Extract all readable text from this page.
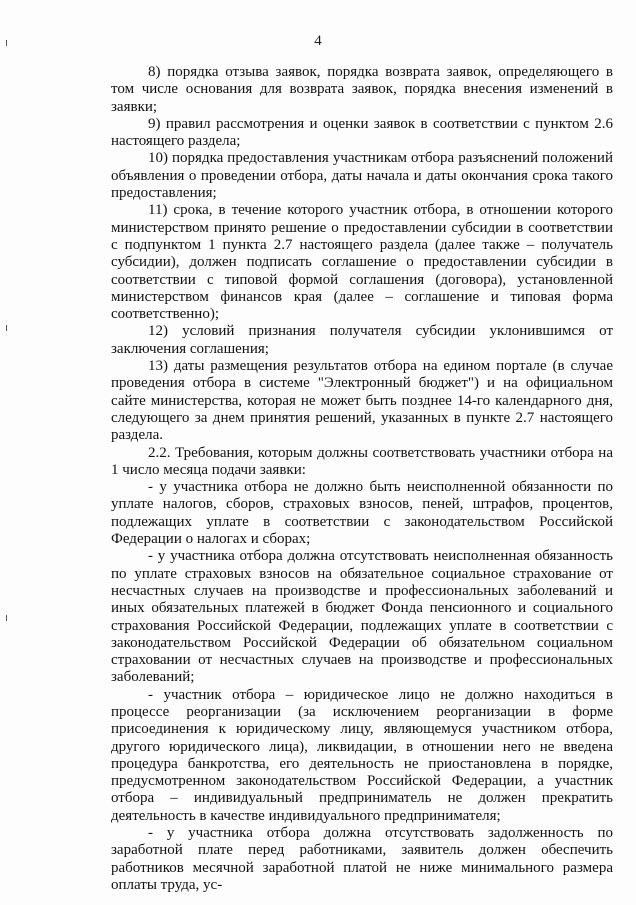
4

8) порядка отзыва заявок, порядка возврата заявок, определяющего в том числе основания для возврата заявок, порядка внесения изменений в заявки;

9) правил рассмотрения и оценки заявок в соответствии с пунктом 2.6 настоящего раздела;

10) порядка предоставления участникам отбора разъяснений положений объявления о проведении отбора, даты начала и даты окончания срока такого предоставления;

11) срока, в течение которого участник отбора, в отношении которого министерством принято решение о предоставлении субсидии в соответствии с подпунктом 1 пункта 2.7 настоящего раздела (далее также – получатель субсидии), должен подписать соглашение о предоставлении субсидии в соответствии с типовой формой соглашения (договора), установленной министерством финансов края (далее – соглашение и типовая форма соответственно);

12) условий признания получателя субсидии уклонившимся от заключения соглашения;

13) даты размещения результатов отбора на едином портале (в случае проведения отбора в системе "Электронный бюджет") и на официальном сайте министерства, которая не может быть позднее 14-го календарного дня, следующего за днем принятия решений, указанных в пункте 2.7 настоящего раздела.

2.2. Требования, которым должны соответствовать участники отбора на 1 число месяца подачи заявки:

- у участника отбора не должно быть неисполненной обязанности по уплате налогов, сборов, страховых взносов, пеней, штрафов, процентов, подлежащих уплате в соответствии с законодательством Российской Федерации о налогах и сборах;

- у участника отбора должна отсутствовать неисполненная обязанность по уплате страховых взносов на обязательное социальное страхование от несчастных случаев на производстве и профессиональных заболеваний и иных обязательных платежей в бюджет Фонда пенсионного и социального страхования Российской Федерации, подлежащих уплате в соответствии с законодательством Российской Федерации об обязательном социальном страховании от несчастных случаев на производстве и профессиональных заболеваний;

- участник отбора – юридическое лицо не должно находиться в процессе реорганизации (за исключением реорганизации в форме присоединения к юридическому лицу, являющемуся участником отбора, другого юридического лица), ликвидации, в отношении него не введена процедура банкротства, его деятельность не приостановлена в порядке, предусмотренном законодательством Российской Федерации, а участник отбора – индивидуальный предприниматель не должен прекратить деятельность в качестве индивидуального предпринимателя;

- у участника отбора должна отсутствовать задолженность по заработной плате перед работниками, заявитель должен обеспечить работников месячной заработной платой не ниже минимального размера оплаты труда, ус-
